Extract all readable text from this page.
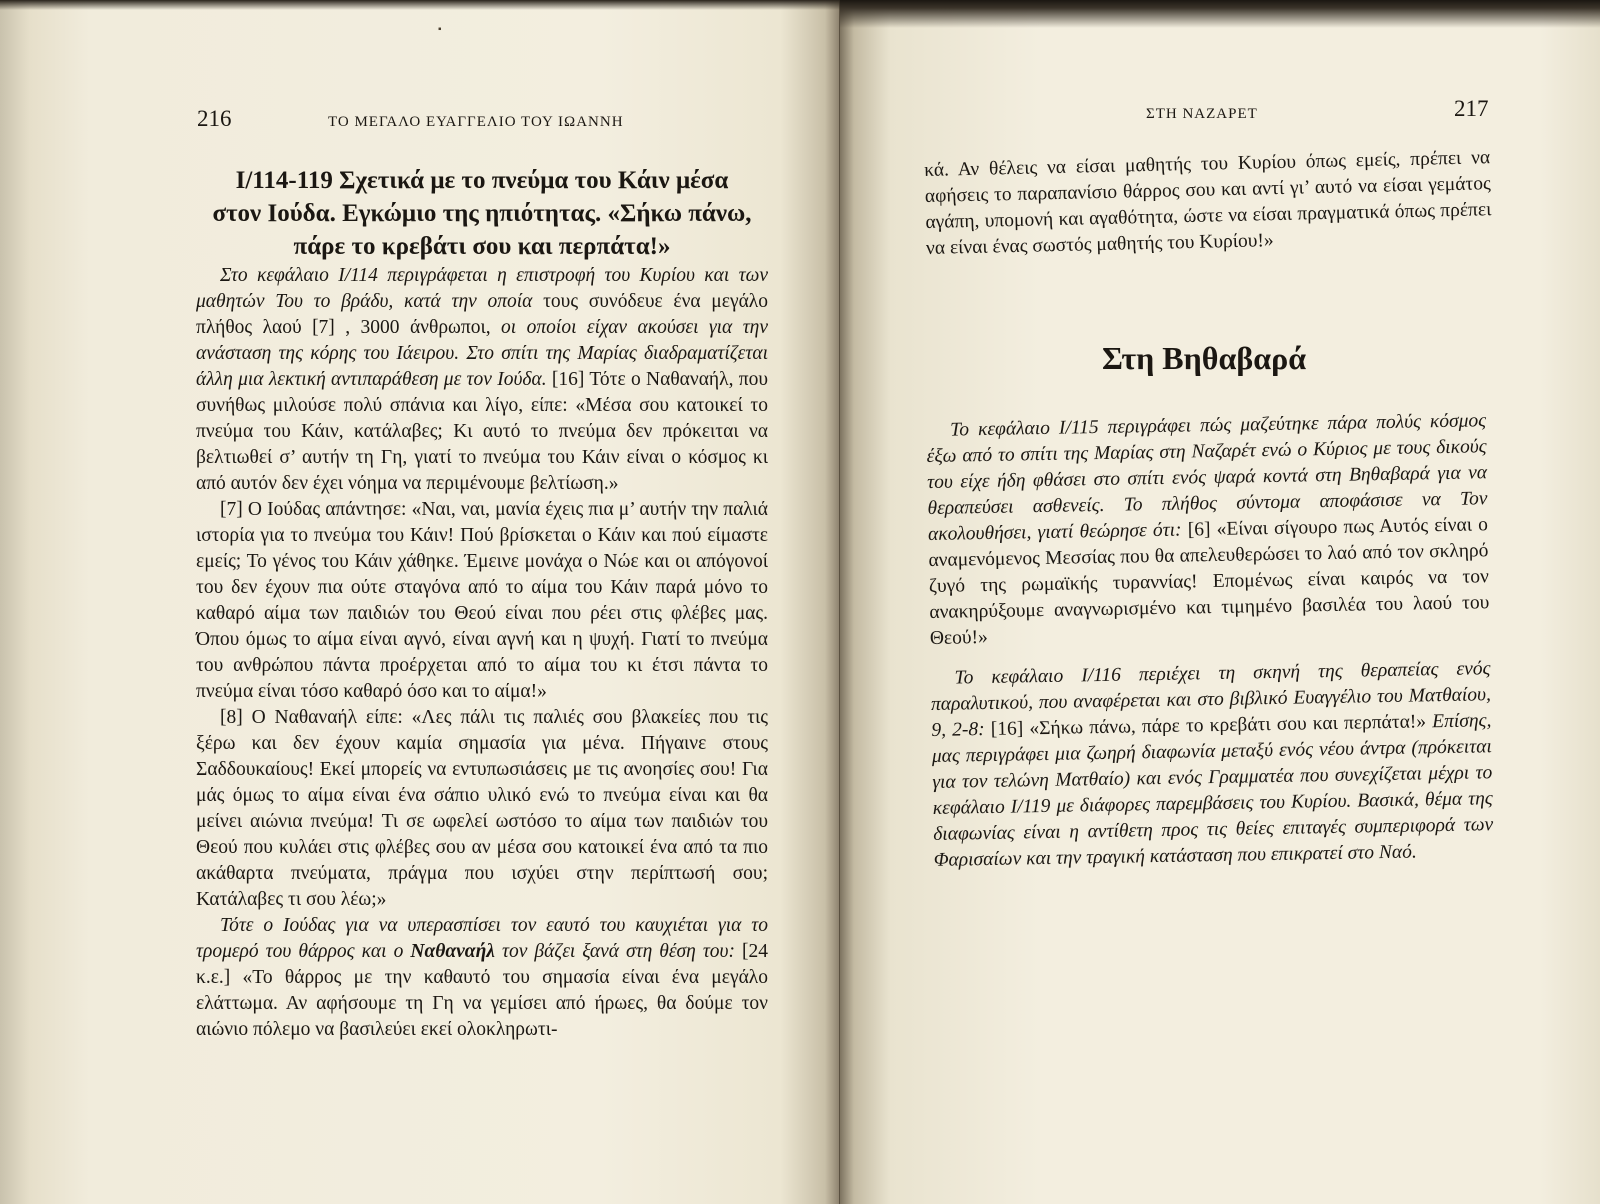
▪
216	ΤΟ ΜΕΓΑΛΟ ΕΥΑΓΓΕΛΙΟ ΤΟΥ ΙΩΑΝΝΗ

I/114-119 Σχετικά με το πνεύμα του Κάιν μέσα στον Ιούδα. Εγκώμιο της ηπιότητας. «Σήκω πάνω, πάρε το κρεβάτι σου και περπάτα!»

Στο κεφάλαιο I/114 περιγράφεται η επιστροφή του Κυρίου και των μαθητών Του το βράδυ, κατά την οποία τους συνόδευε ένα μεγάλο πλήθος λαού [7] , 3000 άνθρωποι, οι οποίοι είχαν ακούσει για την ανάσταση της κόρης του Ιάειρου. Στο σπίτι της Μαρίας διαδραματίζεται άλλη μια λεκτική αντιπαράθεση με τον Ιούδα. [16] Τότε ο Ναθαναήλ, που συνήθως μιλούσε πολύ σπάνια και λίγο, είπε: «Μέσα σου κατοικεί το πνεύμα του Κάιν, κατάλαβες; Κι αυτό το πνεύμα δεν πρόκειται να βελτιωθεί σ’ αυτήν τη Γη, γιατί το πνεύμα του Κάιν είναι ο κόσμος κι από αυτόν δεν έχει νόημα να περιμένουμε βελτίωση.»

[7] Ο Ιούδας απάντησε: «Ναι, ναι, μανία έχεις πια μ’ αυτήν την παλιά ιστορία για το πνεύμα του Κάιν! Πού βρίσκεται ο Κάιν και πού είμαστε εμείς; Το γένος του Κάιν χάθηκε. Έμεινε μονάχα ο Νώε και οι απόγονοί του δεν έχουν πια ούτε σταγόνα από το αίμα του Κάιν παρά μόνο το καθαρό αίμα των παιδιών του Θεού είναι που ρέει στις φλέβες μας. Όπου όμως το αίμα είναι αγνό, είναι αγνή και η ψυχή. Γιατί το πνεύμα του ανθρώπου πάντα προέρχεται από το αίμα του κι έτσι πάντα το πνεύμα είναι τόσο καθαρό όσο και το αίμα!»

[8] Ο Ναθαναήλ είπε: «Λες πάλι τις παλιές σου βλακείες που τις ξέρω και δεν έχουν καμία σημασία για μένα. Πήγαινε στους Σαδδουκαίους! Εκεί μπορείς να εντυπωσιάσεις με τις ανοησίες σου! Για μάς όμως το αίμα είναι ένα σάπιο υλικό ενώ το πνεύμα είναι και θα μείνει αιώνια πνεύμα! Τι σε ωφελεί ωστόσο το αίμα των παιδιών του Θεού που κυλάει στις φλέβες σου αν μέσα σου κατοικεί ένα από τα πιο ακάθαρτα πνεύματα, πράγμα που ισχύει στην περίπτωσή σου; Κατάλαβες τι σου λέω;»

Τότε ο Ιούδας για να υπερασπίσει τον εαυτό του καυχιέται για το τρομερό του θάρρος και ο Ναθαναήλ τον βάζει ξανά στη θέση του: [24 κ.ε.] «Το θάρρος με την καθαυτό του σημασία είναι ένα μεγάλο ελάττωμα. Αν αφήσουμε τη Γη να γεμίσει από ήρωες, θα δούμε τον αιώνιο πόλεμο να βασιλεύει εκεί ολοκληρωτι-

ΣΤΗ ΝΑΖΑΡΕΤ	217

κά. Αν θέλεις να είσαι μαθητής του Κυρίου όπως εμείς, πρέπει να αφήσεις το παραπανίσιο θάρρος σου και αντί γι’ αυτό να είσαι γεμάτος αγάπη, υπομονή και αγαθότητα, ώστε να είσαι πραγματικά όπως πρέπει να είναι ένας σωστός μαθητής του Κυρίου!»

Στη Βηθαβαρά

Το κεφάλαιο I/115 περιγράφει πώς μαζεύτηκε πάρα πολύς κόσμος έξω από το σπίτι της Μαρίας στη Ναζαρέτ ενώ ο Κύριος με τους δικούς του είχε ήδη φθάσει στο σπίτι ενός ψαρά κοντά στη Βηθαβαρά για να θεραπεύσει ασθενείς. Το πλήθος σύντομα αποφάσισε να Τον ακολουθήσει, γιατί θεώρησε ότι: [6] «Είναι σίγουρο πως Αυτός είναι ο αναμενόμενος Μεσσίας που θα απελευθερώσει το λαό από τον σκληρό ζυγό της ρωμαϊκής τυραννίας! Επομένως είναι καιρός να τον ανακηρύξουμε αναγνωρισμένο και τιμημένο βασιλέα του λαού του Θεού!»

Το κεφάλαιο I/116 περιέχει τη σκηνή της θεραπείας ενός παραλυτικού, που αναφέρεται και στο βιβλικό Ευαγγέλιο του Ματθαίου, 9, 2-8: [16] «Σήκω πάνω, πάρε το κρεβάτι σου και περπάτα!» Επίσης, μας περιγράφει μια ζωηρή διαφωνία μεταξύ ενός νέου άντρα (πρόκειται για τον τελώνη Ματθαίο) και ενός Γραμματέα που συνεχίζεται μέχρι το κεφάλαιο I/119 με διάφορες παρεμβάσεις του Κυρίου. Βασικά, θέμα της διαφωνίας είναι η αντίθετη προς τις θείες επιταγές συμπεριφορά των Φαρισαίων και την τραγική κατάσταση που επικρατεί στο Ναό.
